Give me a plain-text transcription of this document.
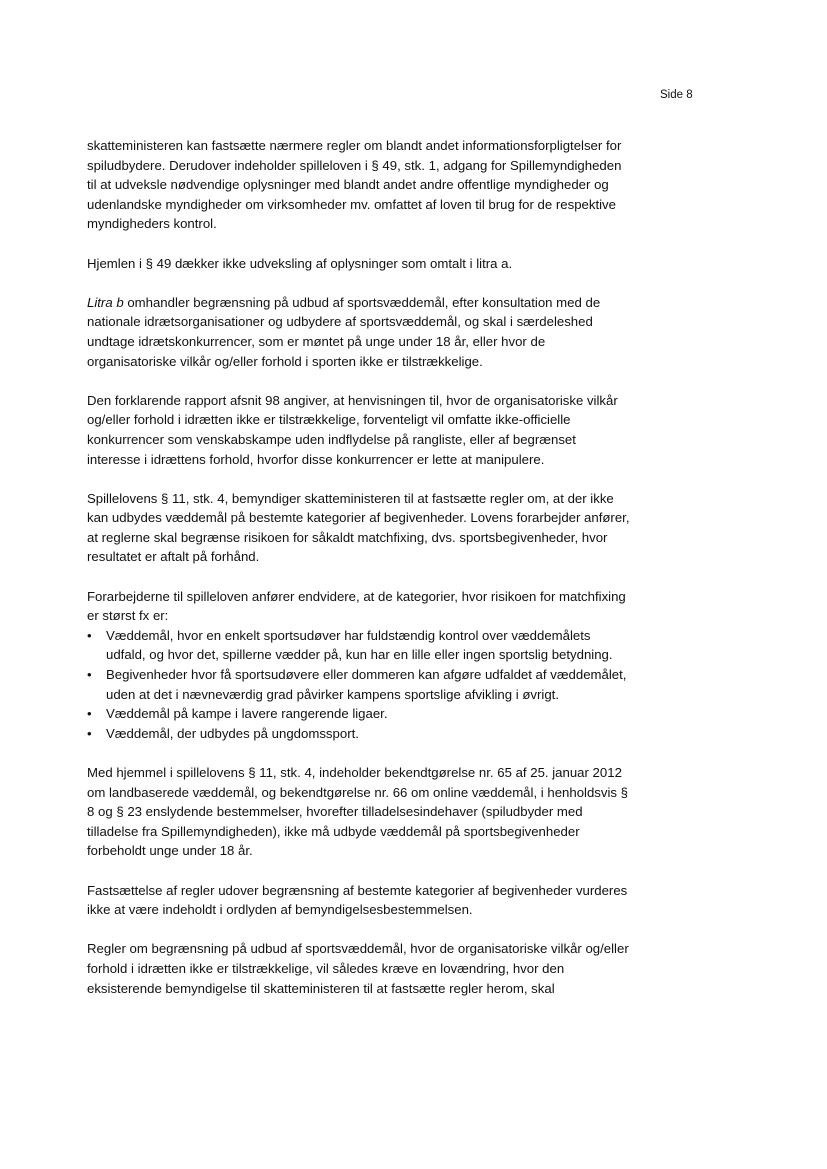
Side 8

skatteministeren kan fastsætte nærmere regler om blandt andet informationsforpligtelser for spiludbydere. Derudover indeholder spilleloven i § 49, stk. 1, adgang for Spillemyndigheden til at udveksle nødvendige oplysninger med blandt andet andre offentlige myndigheder og udenlandske myndigheder om virksomheder mv. omfattet af loven til brug for de respektive myndigheders kontrol.

Hjemlen i § 49 dækker ikke udveksling af oplysninger som omtalt i litra a.

Litra b omhandler begrænsning på udbud af sportsvæddemål, efter konsultation med de nationale idrætsorganisationer og udbydere af sportsvæddemål, og skal i særdeleshed undtage idrætskonkurrencer, som er møntet på unge under 18 år, eller hvor de organisatoriske vilkår og/eller forhold i sporten ikke er tilstrækkelige.

Den forklarende rapport afsnit 98 angiver, at henvisningen til, hvor de organisatoriske vilkår og/eller forhold i idrætten ikke er tilstrækkelige, forventeligt vil omfatte ikke-officielle konkurrencer som venskabskampe uden indflydelse på rangliste, eller af begrænset interesse i idrættens forhold, hvorfor disse konkurrencer er lette at manipulere.

Spillelovens § 11, stk. 4, bemyndiger skatteministeren til at fastsætte regler om, at der ikke kan udbydes væddemål på bestemte kategorier af begivenheder. Lovens forarbejder anfører, at reglerne skal begrænse risikoen for såkaldt matchfixing, dvs. sportsbegivenheder, hvor resultatet er aftalt på forhånd.

Forarbejderne til spilleloven anfører endvidere, at de kategorier, hvor risikoen for matchfixing er størst fx er:

• Væddemål, hvor en enkelt sportsudøver har fuldstændig kontrol over væddemålets udfald, og hvor det, spillerne vædder på, kun har en lille eller ingen sportslig betydning.
• Begivenheder hvor få sportsudøvere eller dommeren kan afgøre udfaldet af væddemålet, uden at det i nævneværdig grad påvirker kampens sportslige afvikling i øvrigt.
• Væddemål på kampe i lavere rangerende ligaer.
• Væddemål, der udbydes på ungdomssport.

Med hjemmel i spillelovens § 11, stk. 4, indeholder bekendtgørelse nr. 65 af 25. januar 2012 om landbaserede væddemål, og bekendtgørelse nr. 66 om online væddemål, i henholdsvis § 8 og § 23 enslydende bestemmelser, hvorefter tilladelsesindehaver (spiludbyder med tilladelse fra Spillemyndigheden), ikke må udbyde væddemål på sportsbegivenheder forbeholdt unge under 18 år.

Fastsættelse af regler udover begrænsning af bestemte kategorier af begivenheder vurderes ikke at være indeholdt i ordlyden af bemyndigelsesbestemmelsen.

Regler om begrænsning på udbud af sportsvæddemål, hvor de organisatoriske vilkår og/eller forhold i idrætten ikke er tilstrækkelige, vil således kræve en lovændring, hvor den eksisterende bemyndigelse til skatteministeren til at fastsætte regler herom, skal
